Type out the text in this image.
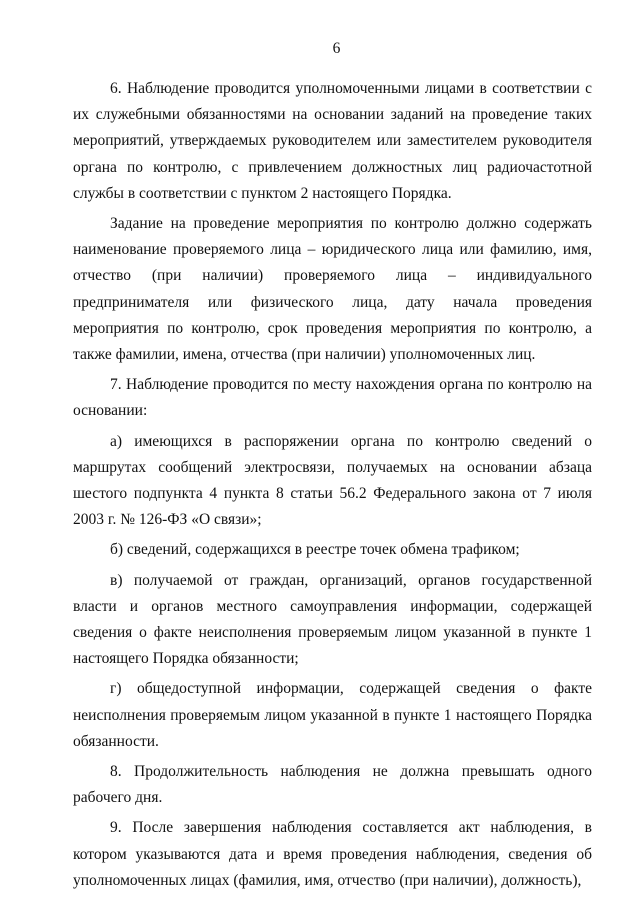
6

6. Наблюдение проводится уполномоченными лицами в соответствии с их служебными обязанностями на основании заданий на проведение таких мероприятий, утверждаемых руководителем или заместителем руководителя органа по контролю, с привлечением должностных лиц радиочастотной службы в соответствии с пунктом 2 настоящего Порядка.

Задание на проведение мероприятия по контролю должно содержать наименование проверяемого лица – юридического лица или фамилию, имя, отчество (при наличии) проверяемого лица – индивидуального предпринимателя или физического лица, дату начала проведения мероприятия по контролю, срок проведения мероприятия по контролю, а также фамилии, имена, отчества (при наличии) уполномоченных лиц.

7. Наблюдение проводится по месту нахождения органа по контролю на основании:

а) имеющихся в распоряжении органа по контролю сведений о маршрутах сообщений электросвязи, получаемых на основании абзаца шестого подпункта 4 пункта 8 статьи 56.2 Федерального закона от 7 июля 2003 г. № 126-ФЗ «О связи»;

б) сведений, содержащихся в реестре точек обмена трафиком;

в) получаемой от граждан, организаций, органов государственной власти и органов местного самоуправления информации, содержащей сведения о факте неисполнения проверяемым лицом указанной в пункте 1 настоящего Порядка обязанности;

г) общедоступной информации, содержащей сведения о факте неисполнения проверяемым лицом указанной в пункте 1 настоящего Порядка обязанности.

8. Продолжительность наблюдения не должна превышать одного рабочего дня.

9. После завершения наблюдения составляется акт наблюдения, в котором указываются дата и время проведения наблюдения, сведения об уполномоченных лицах (фамилия, имя, отчество (при наличии), должность),
